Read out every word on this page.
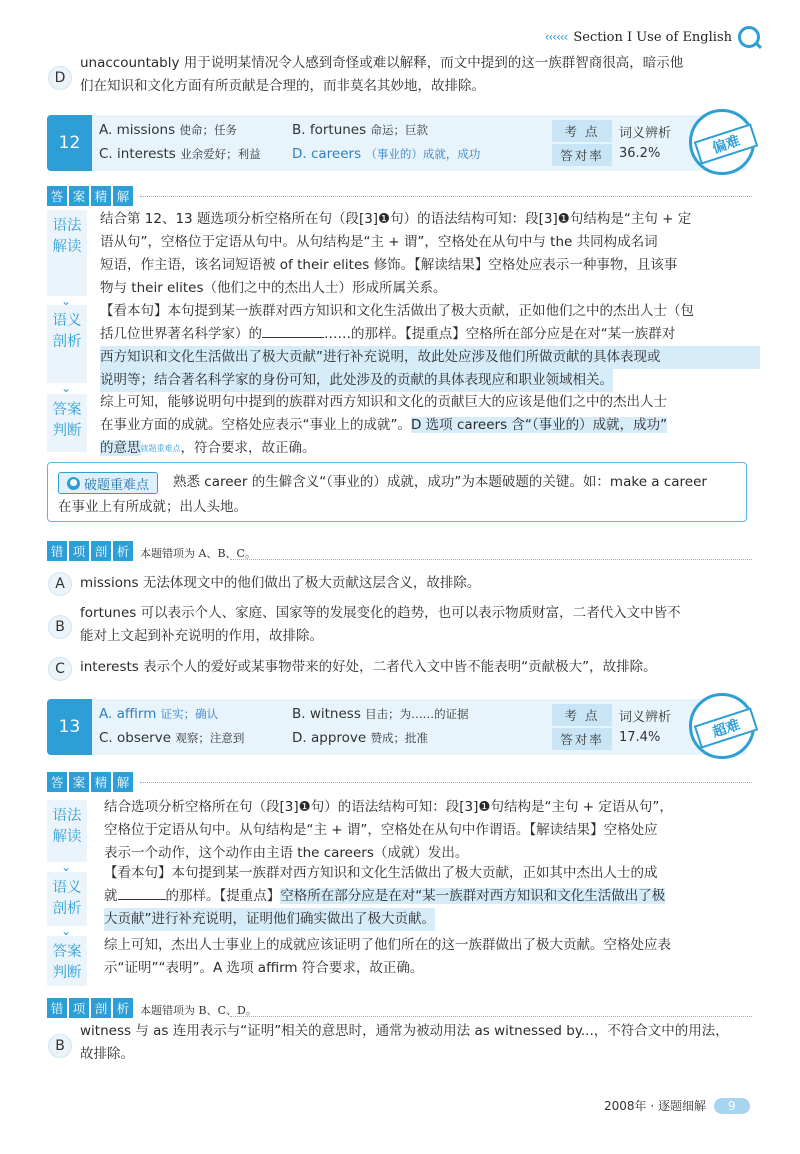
‹‹‹‹‹‹ Section I Use of English
D
unaccountably 用于说明某情况令人感到奇怪或难以解释，而文中提到的这一族群智商很高，暗示他
们在知识和文化方面有所贡献是合理的，而非莫名其妙地，故排除。
12
A. missions 使命；任务	B. fortunes 命运；巨款
C. interests 业余爱好；利益 D. careers （事业的）成就，成功
考 点	词义辨析
答对率	36.2%	偏难
答 案 精 解
语法
解读
⌄
结合第 12、13 题选项分析空格所在句（段[3]❶句）的语法结构可知：段[3]❶句结构是“主句 + 定
语从句”，空格位于定语从句中。从句结构是“主 + 谓”，空格处在从句中与 the 共同构成名词
短语，作主语，该名词短语被 of their elites 修饰。【解读结果】空格处应表示一种事物，且该事
物与 their elites（他们之中的杰出人士）形成所属关系。
语义
剖析
⌄
【看本句】本句提到某一族群对西方知识和文化生活做出了极大贡献，正如他们之中的杰出人士（包
括几位世界著名科学家）的	……的那样。【提重点】空格所在部分应是在对“某一族群对
西方知识和文化生活做出了极大贡献”进行补充说明，故此处应涉及他们所做贡献的具体表现或
说明等；结合著名科学家的身份可知，此处涉及的贡献的具体表现应和职业领域相关。
答案
判断
综上可知，能够说明句中提到的族群对西方知识和文化的贡献巨大的应该是他们之中的杰出人士
在事业方面的成就。空格处应表示“事业上的成就”。D 选项 careers 含“（事业的）成就，成功”
的意思$^{就题重难点}$，符合要求，故正确。
● 破题重难点 熟悉 career 的生僻含义“（事业的）成就，成功”为本题破题的关键。如：make a career
在事业上有所成就；出人头地。
错 项 剖 析 本题错项为 A、B、C。
A	missions 无法体现文中的他们做出了极大贡献这层含义，故排除。
B
fortunes 可以表示个人、家庭、国家等的发展变化的趋势，也可以表示物质财富，二者代入文中皆不
能对上文起到补充说明的作用，故排除。
C	interests 表示个人的爱好或某事物带来的好处，二者代入文中皆不能表明“贡献极大”，故排除。
13
A. affirm 证实；确认	B. witness 目击；为……的证据
C. observe 观察；注意到	D. approve 赞成；批准
考 点	词义辨析
答对率	17.4%	超难
答 案 精 解
语法
解读
⌄
结合选项分析空格所在句（段[3]❶句）的语法结构可知：段[3]❶句结构是“主句 + 定语从句”，
空格位于定语从句中。从句结构是“主 + 谓”，空格处在从句中作谓语。【解读结果】空格处应
表示一个动作，这个动作由主语 the careers（成就）发出。
语义
剖析
⌄
【看本句】本句提到某一族群对西方知识和文化生活做出了极大贡献，正如其中杰出人士的成
就	的那样。【提重点】空格所在部分应是在对“某一族群对西方知识和文化生活做出了极
大贡献”进行补充说明，证明他们确实做出了极大贡献。
答案
判断
综上可知，杰出人士事业上的成就应该证明了他们所在的这一族群做出了极大贡献。空格处应表
示“证明”“表明”。A 选项 affirm 符合要求，故正确。
错 项 剖 析 本题错项为 B、C、D。
B
witness 与 as 连用表示与“证明”相关的意思时，通常为被动用法 as witnessed by...，不符合文中的用法，
故排除。
2008年 · 逐题细解	9
